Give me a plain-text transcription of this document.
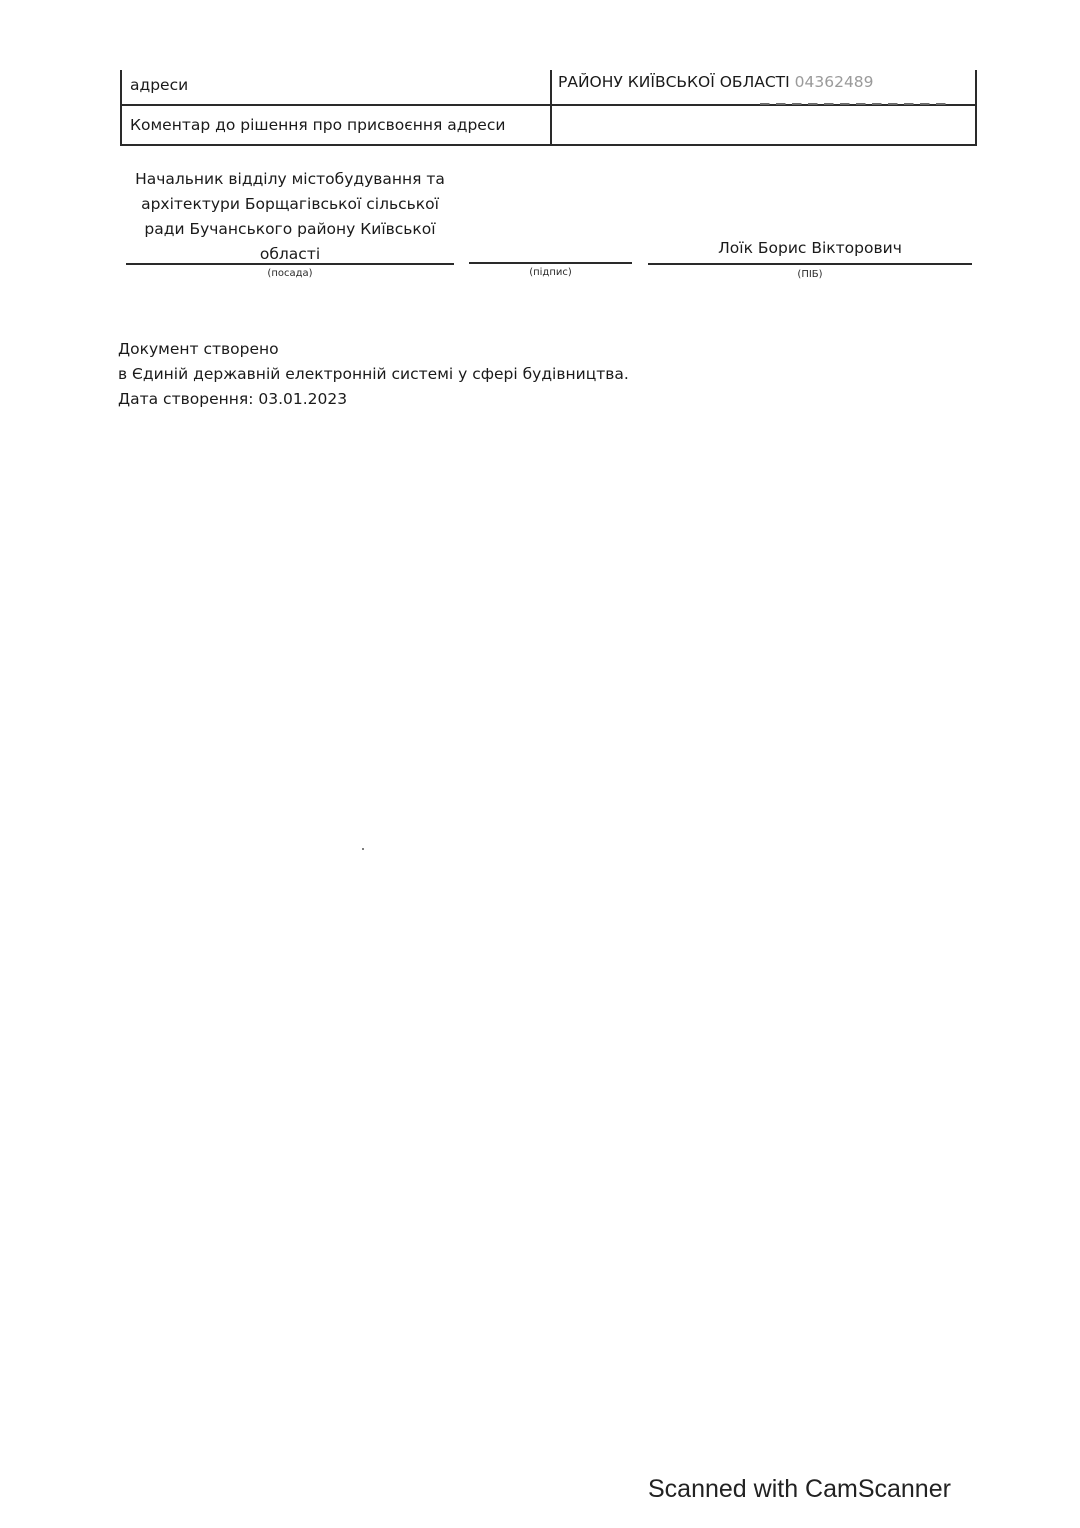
адреси	РАЙОНУ КИЇВСЬКОЇ ОБЛАСТІ 04362489
Коментар до рішення про присвоєння адреси
Начальник відділу містобудування та
архітектури Борщагівської сільської
ради Бучанського району Київської
області
(посада)	(підпис)
Лоїк Борис Вікторович
(ПІБ)
Документ створено
в Єдиній державній електронній системі у сфері будівництва.
Дата створення: 03.01.2023
Scanned with CamScanner
